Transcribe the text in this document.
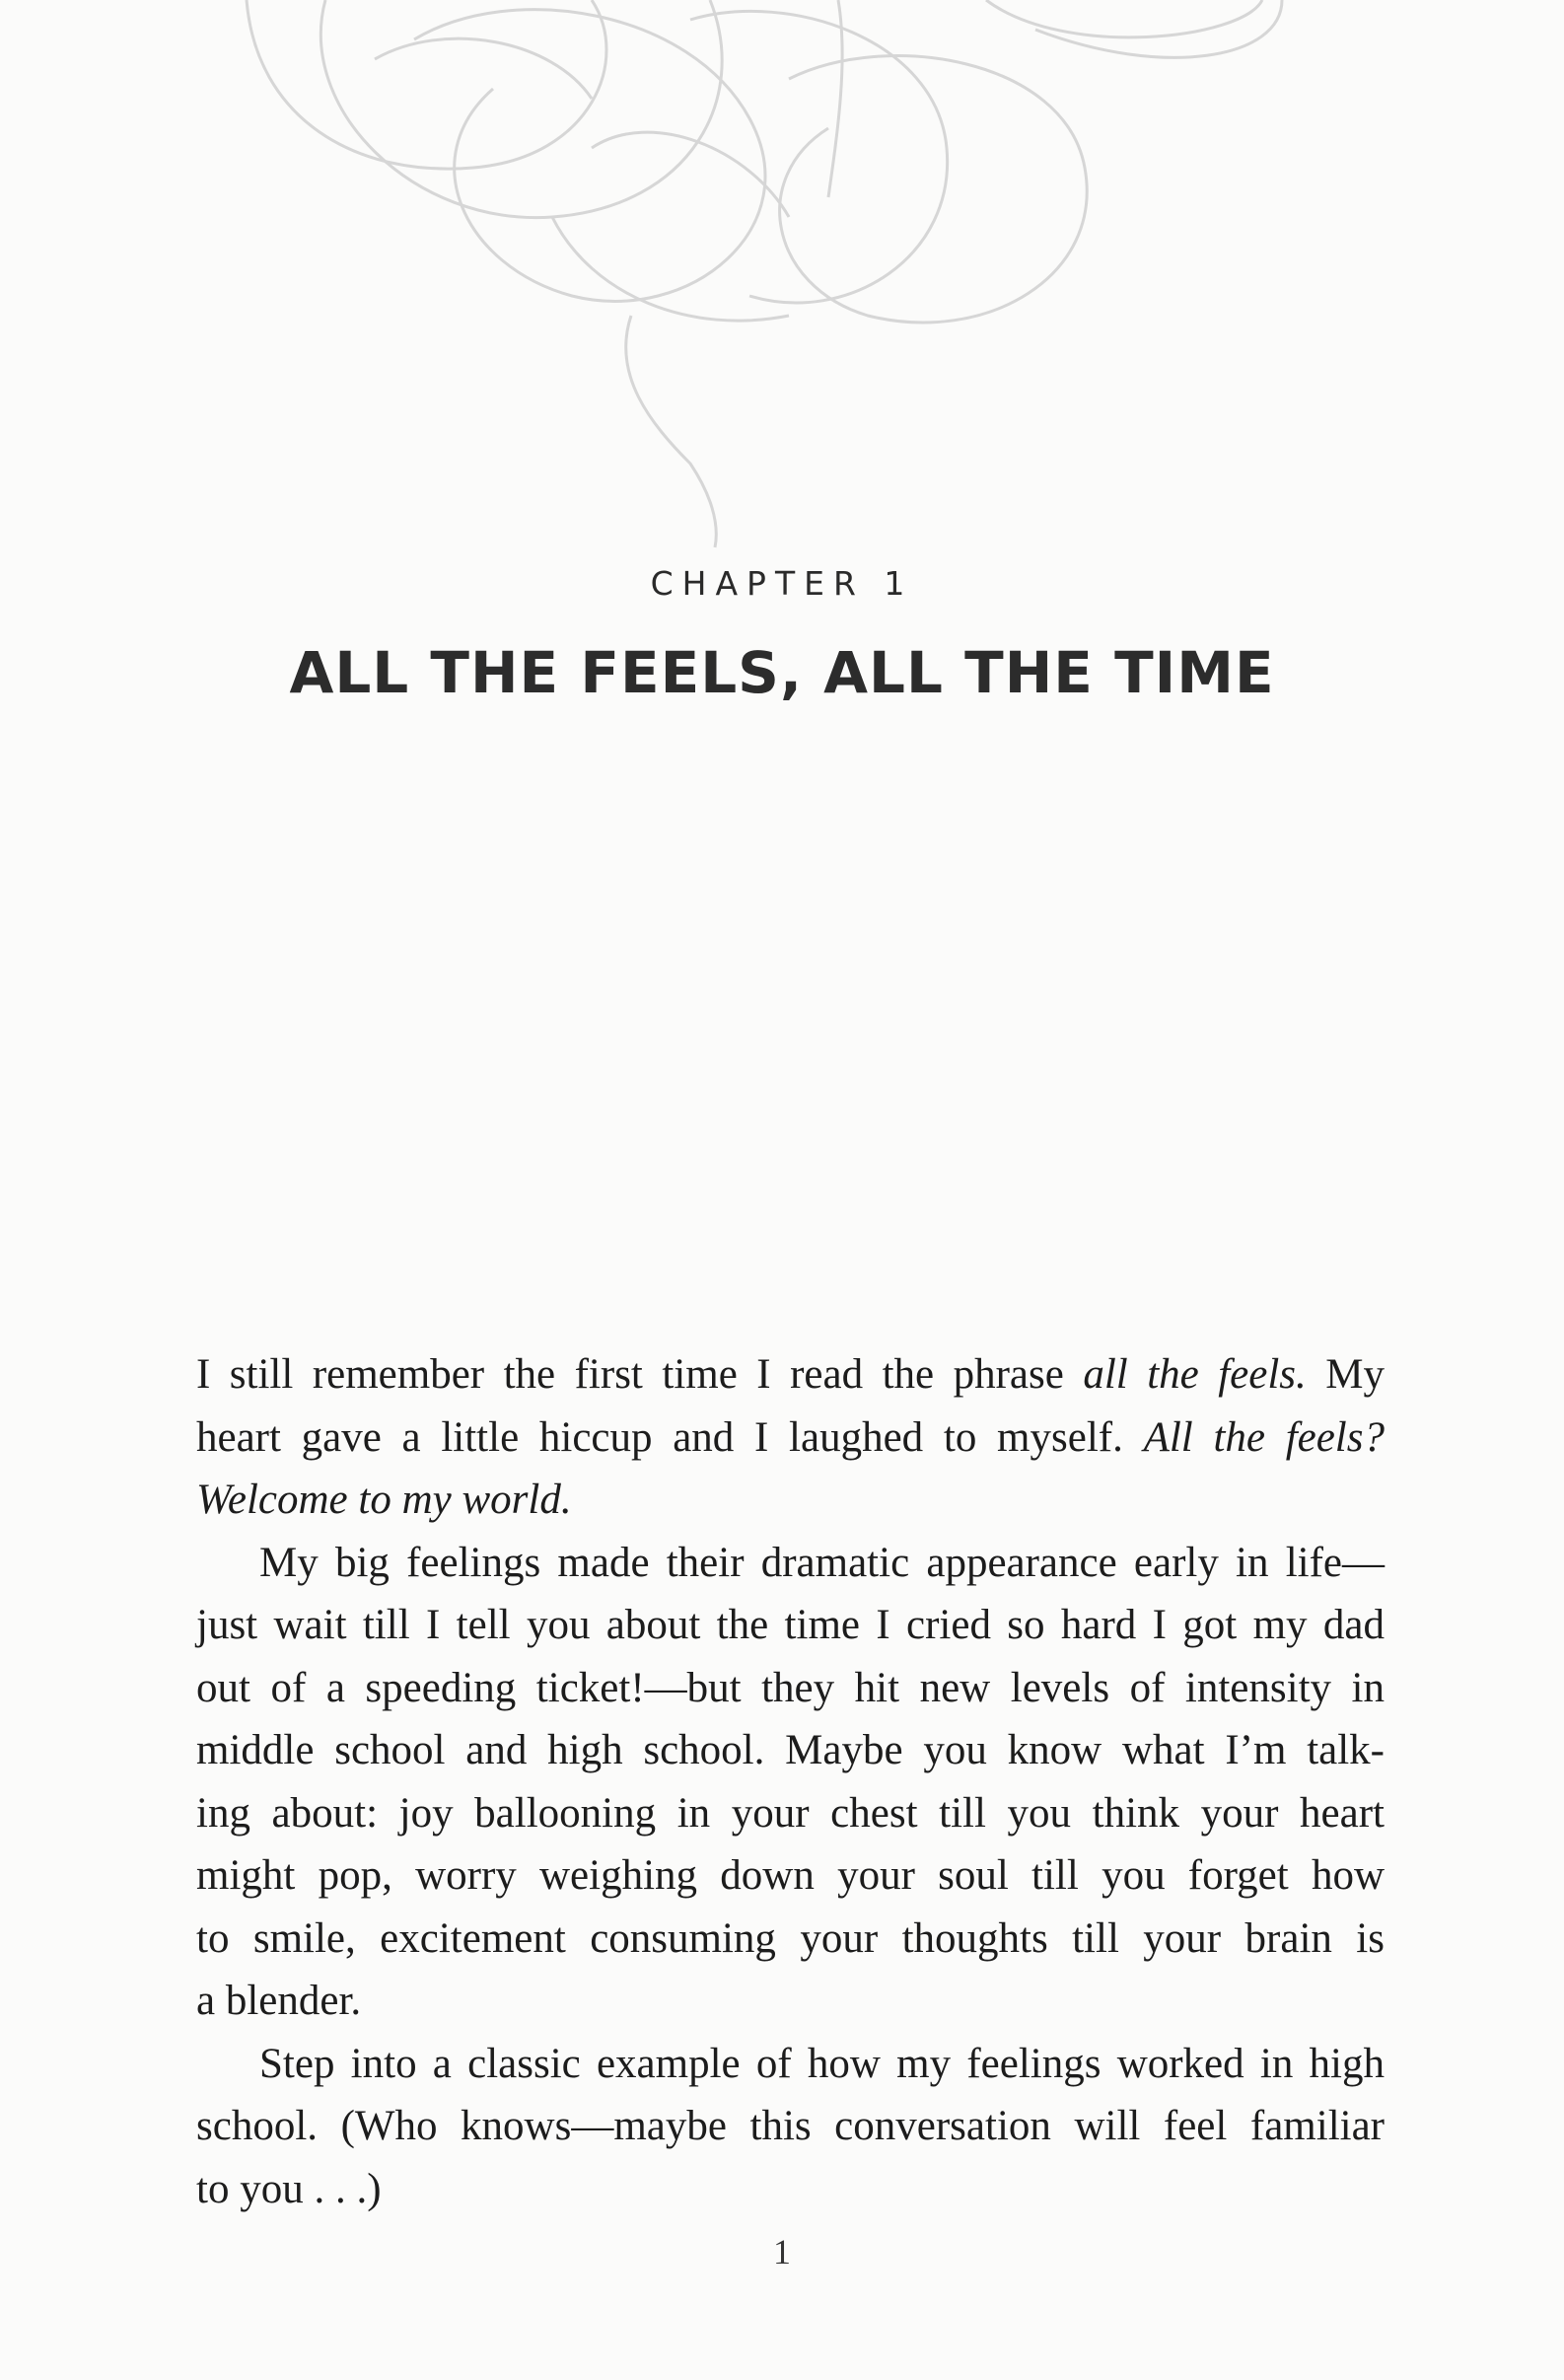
CHAPTER 1
ALL THE FEELS, ALL THE TIME
I still remember the first time I read the phrase all the feels. My
heart gave a little hiccup and I laughed to myself. All the feels?
Welcome to my world.
My big feelings made their dramatic appearance early in life—
just wait till I tell you about the time I cried so hard I got my dad
out of a speeding ticket!—but they hit new levels of intensity in
middle school and high school. Maybe you know what I’m talk-
ing about: joy ballooning in your chest till you think your heart
might pop, worry weighing down your soul till you forget how
to smile, excitement consuming your thoughts till your brain is
a blender.
Step into a classic example of how my feelings worked in high
school. (Who knows—maybe this conversation will feel familiar
to you . . .)
1
